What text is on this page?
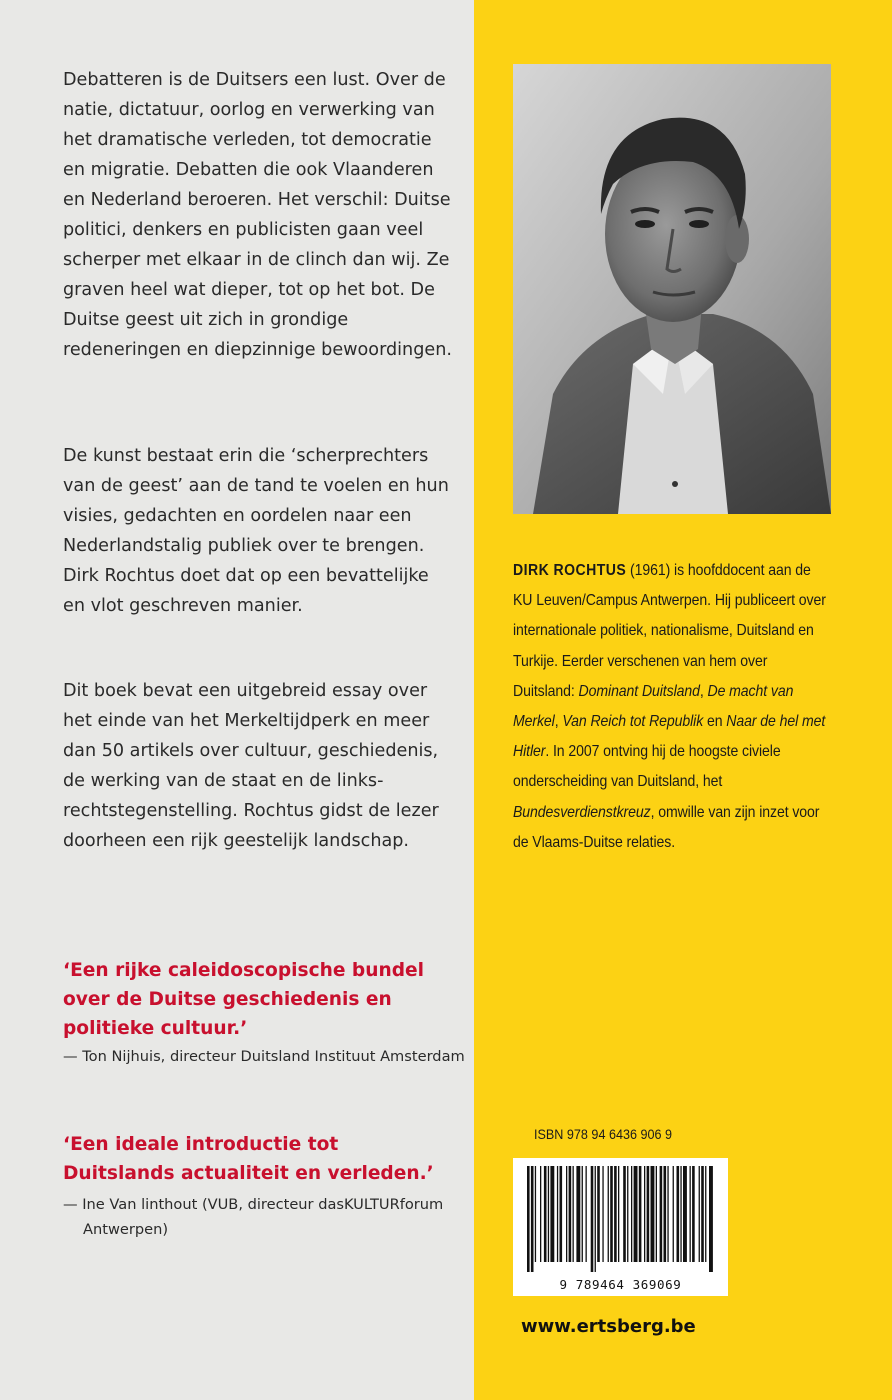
Debatteren is de Duitsers een lust. Over de natie, dictatuur, oorlog en verwerking van het dramatische verleden, tot democratie en migratie. Debatten die ook Vlaanderen en Nederland beroeren. Het verschil: Duitse politici, denkers en publicisten gaan veel scherper met elkaar in de clinch dan wij. Ze graven heel wat dieper, tot op het bot. De Duitse geest uit zich in grondige redeneringen en diepzinnige bewoordingen.

De kunst bestaat erin die ‘scherprechters van de geest’ aan de tand te voelen en hun visies, gedachten en oordelen naar een Nederlandstalig publiek over te brengen. Dirk Rochtus doet dat op een bevattelijke en vlot geschreven manier.

Dit boek bevat een uitgebreid essay over het einde van het Merkeltijdperk en meer dan 50 artikels over cultuur, geschiedenis, de werking van de staat en de links-rechtstegenstelling. Rochtus gidst de lezer doorheen een rijk geestelijk landschap.

‘Een rijke caleidoscopische bundel over de Duitse geschiedenis en politieke cultuur.’

— Ton Nijhuis, directeur Duitsland Instituut Amsterdam

‘Een ideale introductie tot Duitslands actualiteit en verleden.’

— Ine Van linthout (VUB, directeur dasKULTURforum Antwerpen)

DIRK ROCHTUS (1961) is hoofddocent aan de KU Leuven/Campus Antwerpen. Hij publiceert over internationale politiek, nationalisme, Duitsland en Turkije. Eerder verschenen van hem over Duitsland: Dominant Duitsland, De macht van Merkel, Van Reich tot Republik en Naar de hel met Hitler. In 2007 ontving hij de hoogste civiele onderscheiding van Duitsland, het Bundesverdienstkreuz, omwille van zijn inzet voor de Vlaams-Duitse relaties.

ISBN 978 94 6436 906 9

9 789464 369069

www.ertsberg.be
